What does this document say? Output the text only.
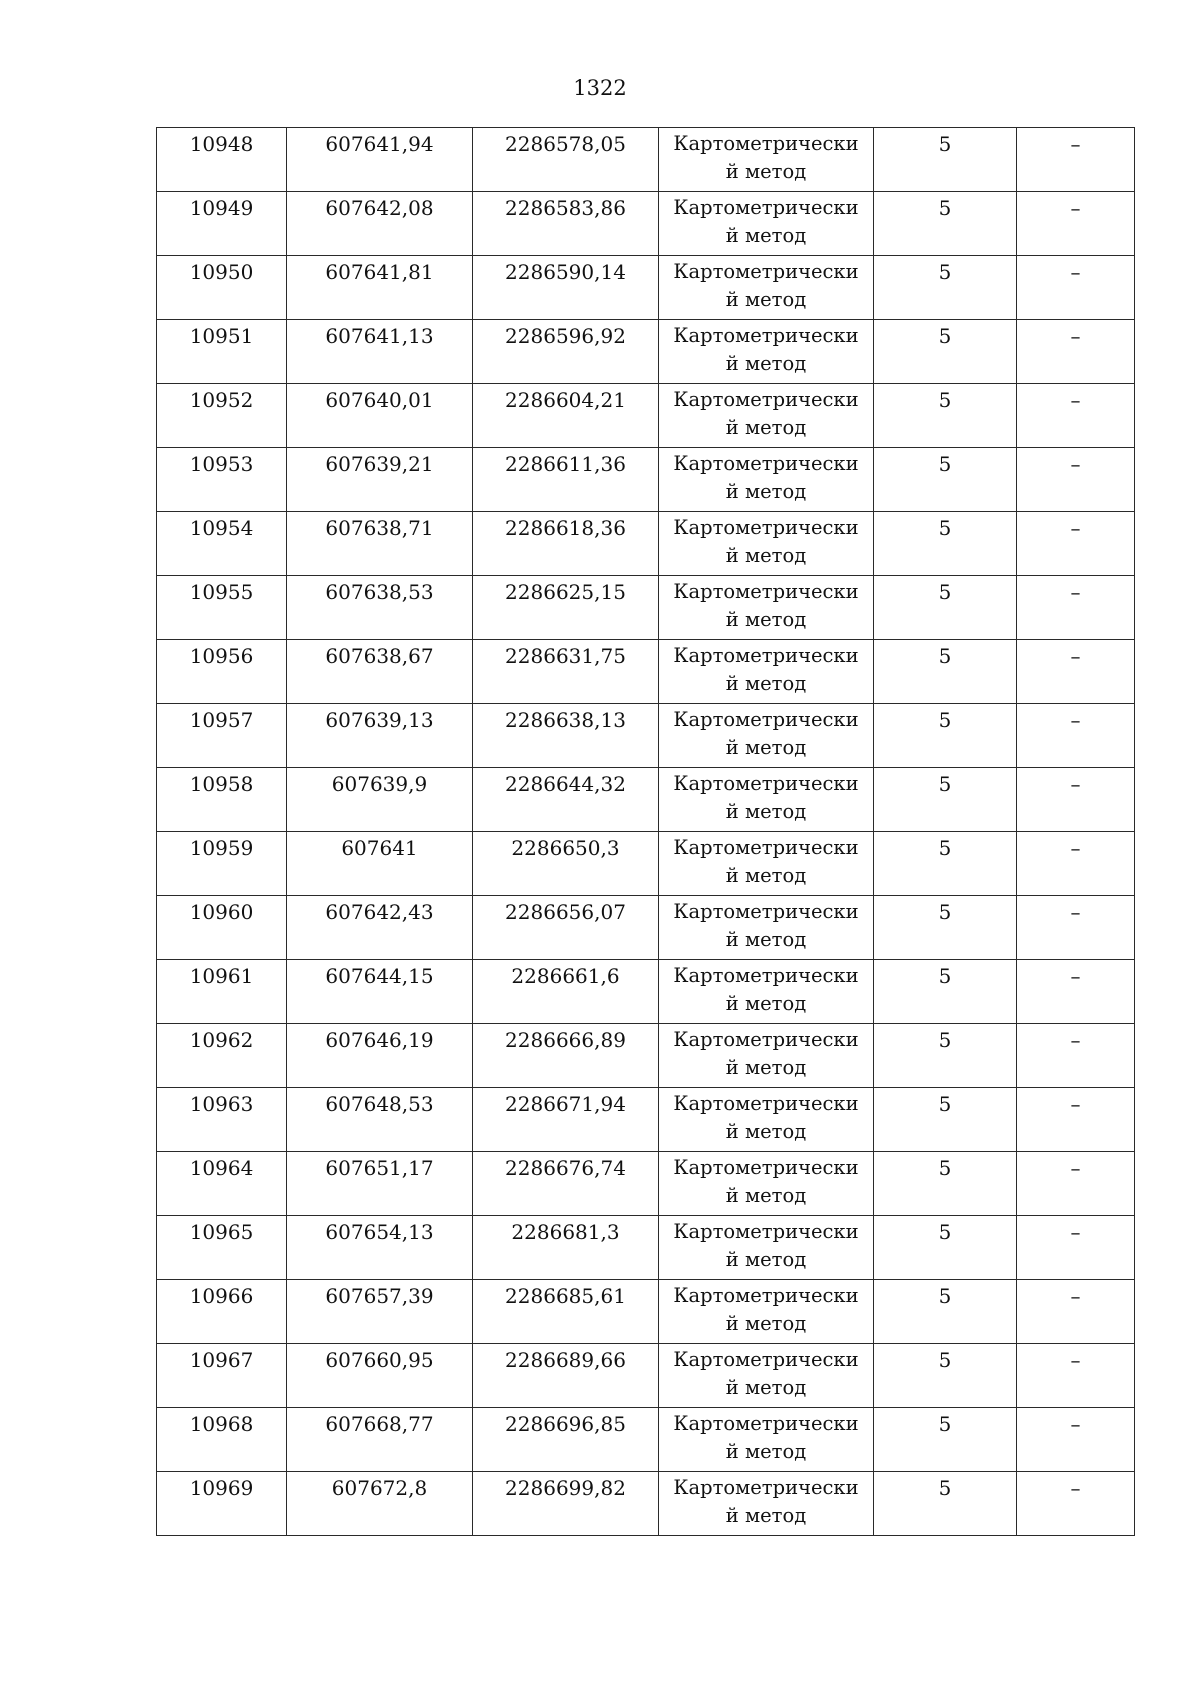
1322
10948	607641,94	2286578,05	Картометрически
й метод	5	–

10949	607642,08	2286583,86	Картометрически
й метод	5	–

10950	607641,81	2286590,14	Картометрически
й метод	5	–

10951	607641,13	2286596,92	Картометрически
й метод	5	–

10952	607640,01	2286604,21	Картометрически
й метод	5	–

10953	607639,21	2286611,36	Картометрически
й метод	5	–

10954	607638,71	2286618,36	Картометрически
й метод	5	–

10955	607638,53	2286625,15	Картометрически
й метод	5	–

10956	607638,67	2286631,75	Картометрически
й метод	5	–

10957	607639,13	2286638,13	Картометрически
й метод	5	–

10958	607639,9	2286644,32	Картометрически
й метод	5	–

10959	607641	2286650,3	Картометрически
й метод	5	–

10960	607642,43	2286656,07	Картометрически
й метод	5	–

10961	607644,15	2286661,6	Картометрически
й метод	5	–

10962	607646,19	2286666,89	Картометрически
й метод	5	–

10963	607648,53	2286671,94	Картометрически
й метод	5	–

10964	607651,17	2286676,74	Картометрически
й метод	5	–

10965	607654,13	2286681,3	Картометрически
й метод	5	–

10966	607657,39	2286685,61	Картометрически
й метод	5	–

10967	607660,95	2286689,66	Картометрически
й метод	5	–

10968	607668,77	2286696,85	Картометрически
й метод	5	–

10969	607672,8	2286699,82	Картометрически
й метод	5	–
